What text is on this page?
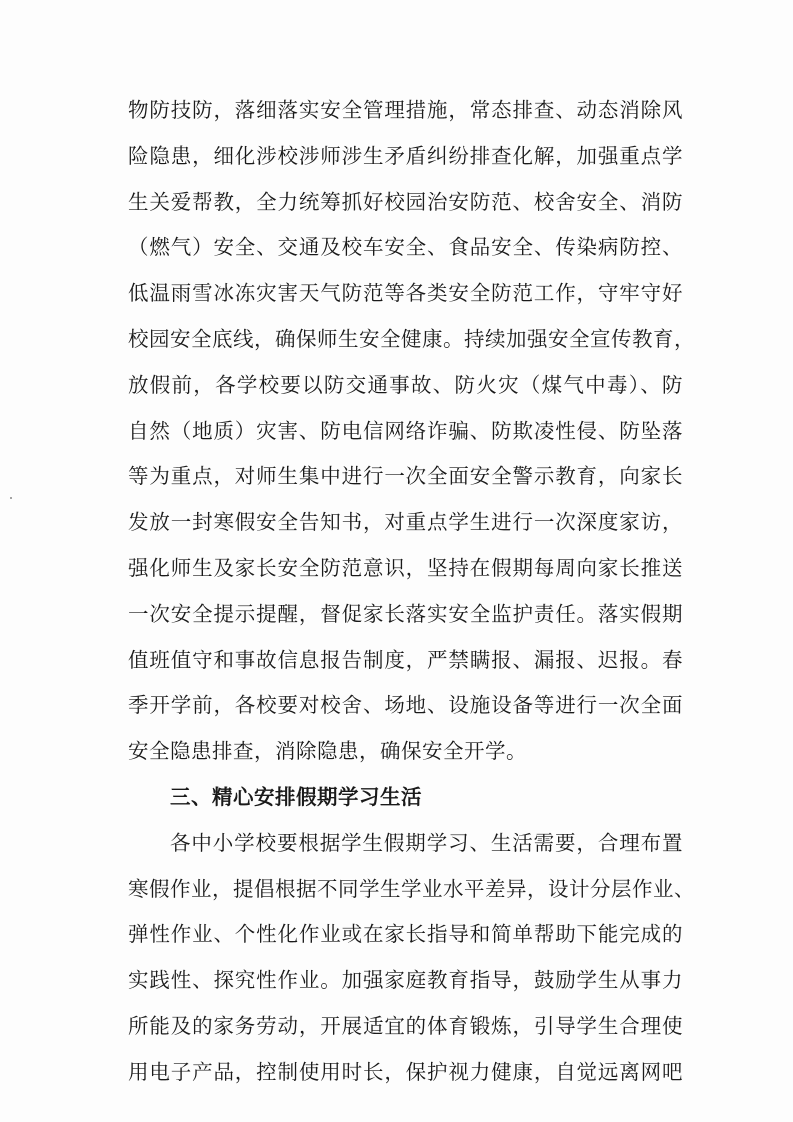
物防技防，落细落实安全管理措施，常态排查、动态消除风
险隐患，细化涉校涉师涉生矛盾纠纷排查化解，加强重点学
生关爱帮教，全力统筹抓好校园治安防范、校舍安全、消防
（燃气）安全、交通及校车安全、食品安全、传染病防控、
低温雨雪冰冻灾害天气防范等各类安全防范工作，守牢守好
校园安全底线，确保师生安全健康。持续加强安全宣传教育，
放假前，各学校要以防交通事故、防火灾（煤气中毒）、防
自然（地质）灾害、防电信网络诈骗、防欺凌性侵、防坠落
等为重点，对师生集中进行一次全面安全警示教育，向家长
发放一封寒假安全告知书，对重点学生进行一次深度家访，
强化师生及家长安全防范意识，坚持在假期每周向家长推送
一次安全提示提醒，督促家长落实安全监护责任。落实假期
值班值守和事故信息报告制度，严禁瞒报、漏报、迟报。春
季开学前，各校要对校舍、场地、设施设备等进行一次全面
安全隐患排查，消除隐患，确保安全开学。
三、精心安排假期学习生活
各中小学校要根据学生假期学习、生活需要，合理布置
寒假作业，提倡根据不同学生学业水平差异，设计分层作业、
弹性作业、个性化作业或在家长指导和简单帮助下能完成的
实践性、探究性作业。加强家庭教育指导，鼓励学生从事力
所能及的家务劳动，开展适宜的体育锻炼，引导学生合理使
用电子产品，控制使用时长，保护视力健康，自觉远离网吧
